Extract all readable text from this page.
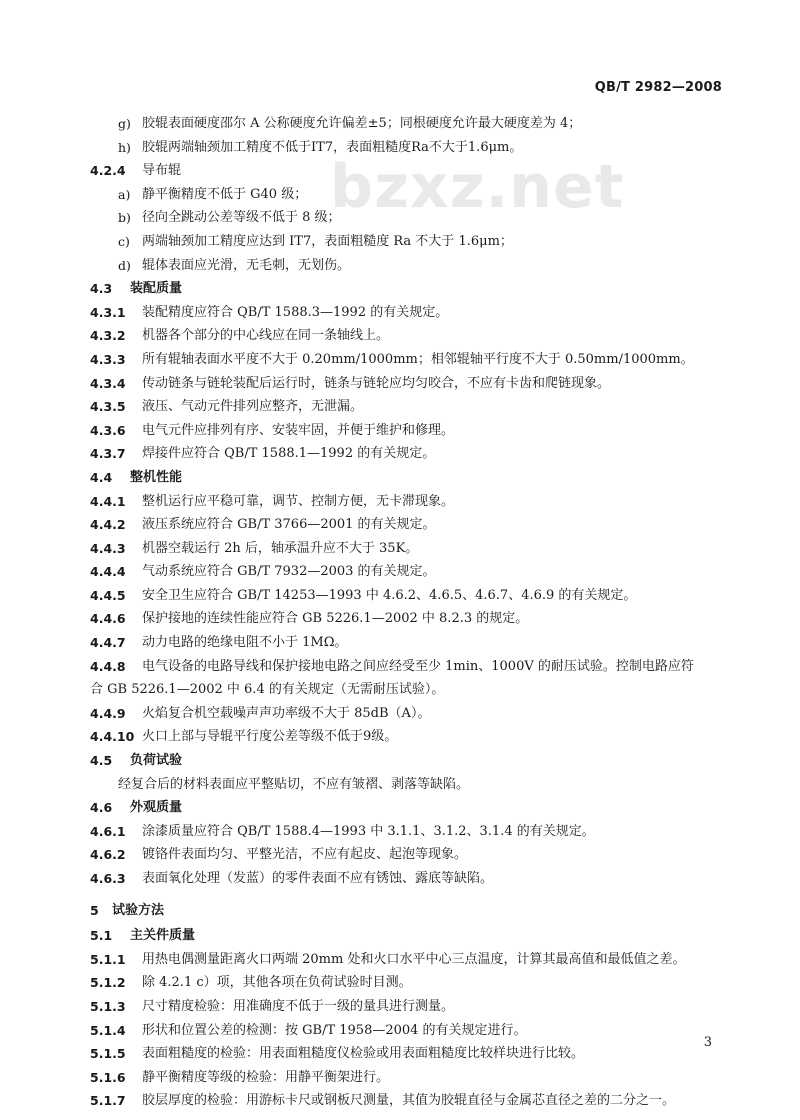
QB/T 2982—2008
bzxz.net
g) 胶辊表面硬度邵尔 A 公称硬度允许偏差±5；同根硬度允许最大硬度差为 4；
h) 胶辊两端轴颈加工精度不低于IT7，表面粗糙度Ra不大于1.6μm。
4.2.4	导布辊
a) 静平衡精度不低于 G40 级；
b) 径向全跳动公差等级不低于 8 级；
c) 两端轴颈加工精度应达到 IT7，表面粗糙度 Ra 不大于 1.6μm；
d) 辊体表面应光滑，无毛刺，无划伤。
4.3	装配质量
4.3.1	装配精度应符合 QB/T 1588.3—1992 的有关规定。
4.3.2	机器各个部分的中心线应在同一条轴线上。
4.3.3	所有辊轴表面水平度不大于 0.20mm/1000mm；相邻辊轴平行度不大于 0.50mm/1000mm。
4.3.4	传动链条与链轮装配后运行时，链条与链轮应均匀咬合，不应有卡齿和爬链现象。
4.3.5	液压、气动元件排列应整齐，无泄漏。
4.3.6	电气元件应排列有序、安装牢固，并便于维护和修理。
4.3.7	焊接件应符合 QB/T 1588.1—1992 的有关规定。
4.4	整机性能
4.4.1	整机运行应平稳可靠，调节、控制方便，无卡滞现象。
4.4.2	液压系统应符合 GB/T 3766—2001 的有关规定。
4.4.3	机器空载运行 2h 后，轴承温升应不大于 35K。
4.4.4	气动系统应符合 GB/T 7932—2003 的有关规定。
4.4.5	安全卫生应符合 GB/T 14253—1993 中 4.6.2、4.6.5、4.6.7、4.6.9 的有关规定。
4.4.6	保护接地的连续性能应符合 GB 5226.1—2002 中 8.2.3 的规定。
4.4.7	动力电路的绝缘电阻不小于 1MΩ。
4.4.8	电气设备的电路导线和保护接地电路之间应经受至少 1min、1000V 的耐压试验。控制电路应符
合 GB 5226.1—2002 中 6.4 的有关规定（无需耐压试验）。
4.4.9	火焰复合机空载噪声声功率级不大于 85dB（A）。
4.4.10 火口上部与导辊平行度公差等级不低于9级。
4.5	负荷试验
经复合后的材料表面应平整贴切，不应有皱褶、剥落等缺陷。
4.6	外观质量
4.6.1	涂漆质量应符合 QB/T 1588.4—1993 中 3.1.1、3.1.2、3.1.4 的有关规定。
4.6.2	镀铬件表面均匀、平整光洁，不应有起皮、起泡等现象。
4.6.3	表面氧化处理（发蓝）的零件表面不应有锈蚀、露底等缺陷。
5	试验方法
5.1	主关件质量
5.1.1	用热电偶测量距离火口两端 20mm 处和火口水平中心三点温度，计算其最高值和最低值之差。
5.1.2	除 4.2.1 c）项，其他各项在负荷试验时目测。
5.1.3	尺寸精度检验：用准确度不低于一级的量具进行测量。
5.1.4	形状和位置公差的检测：按 GB/T 1958—2004 的有关规定进行。
5.1.5	表面粗糙度的检验：用表面粗糙度仪检验或用表面粗糙度比较样块进行比较。
5.1.6	静平衡精度等级的检验：用静平衡架进行。
5.1.7	胶层厚度的检验：用游标卡尺或钢板尺测量，其值为胶辊直径与金属芯直径之差的二分之一。
3
